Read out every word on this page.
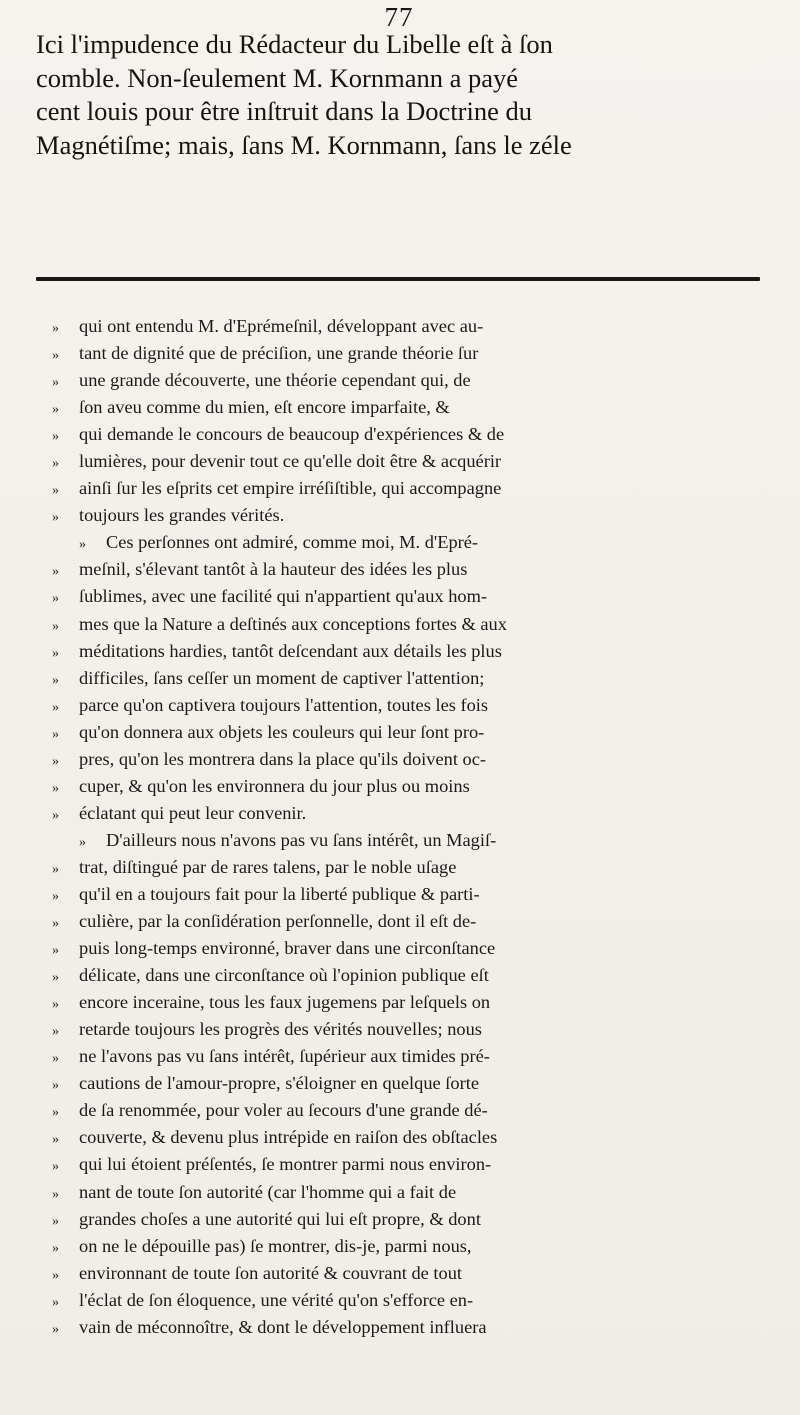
77
Ici l'impudence du Rédacteur du Libelle eſt à ſon
comble. Non-ſeulement M. Kornmann a payé
cent louis pour être inſtruit dans la Doctrine du
Magnétiſme; mais, ſans M. Kornmann, ſans le zéle
» qui ont entendu M. d'Eprémeſnil, développant avec au-
» tant de dignité que de préciſion, une grande théorie ſur
» une grande découverte, une théorie cependant qui, de
» ſon aveu comme du mien, eſt encore imparfaite, &
» qui demande le concours de beaucoup d'expériences & de
» lumières, pour devenir tout ce qu'elle doit être & acquérir
» ainſi ſur les eſprits cet empire irréſiſtible, qui accompagne
» toujours les grandes vérités.
» Ces perſonnes ont admiré, comme moi, M. d'Epré-
» meſnil, s'élevant tantôt à la hauteur des idées les plus
» ſublimes, avec une facilité qui n'appartient qu'aux hom-
» mes que la Nature a deſtinés aux conceptions fortes & aux
» méditations hardies, tantôt deſcendant aux détails les plus
» difficiles, ſans ceſſer un moment de captiver l'attention;
» parce qu'on captivera toujours l'attention, toutes les fois
» qu'on donnera aux objets les couleurs qui leur ſont pro-
» pres, qu'on les montrera dans la place qu'ils doivent oc-
» cuper, & qu'on les environnera du jour plus ou moins
» éclatant qui peut leur convenir.
» D'ailleurs nous n'avons pas vu ſans intérêt, un Magiſ-
» trat, diſtingué par de rares talens, par le noble uſage
» qu'il en a toujours fait pour la liberté publique & parti-
» culière, par la conſidération perſonnelle, dont il eſt de-
» puis long-temps environné, braver dans une circonſtance
» délicate, dans une circonſtance où l'opinion publique eſt
» encore inceraine, tous les faux jugemens par leſquels on
» retarde toujours les progrès des vérités nouvelles; nous
» ne l'avons pas vu ſans intérêt, ſupérieur aux timides pré-
» cautions de l'amour-propre, s'éloigner en quelque ſorte
» de ſa renommée, pour voler au ſecours d'une grande dé-
» couverte, & devenu plus intrépide en raiſon des obſtacles
» qui lui étoient préſentés, ſe montrer parmi nous environ-
» nant de toute ſon autorité (car l'homme qui a fait de
» grandes choſes a une autorité qui lui eſt propre, & dont
» on ne le dépouille pas) ſe montrer, dis-je, parmi nous,
» environnant de toute ſon autorité & couvrant de tout
» l'éclat de ſon éloquence, une vérité qu'on s'efforce en-
» vain de méconnoître, & dont le développement influera
